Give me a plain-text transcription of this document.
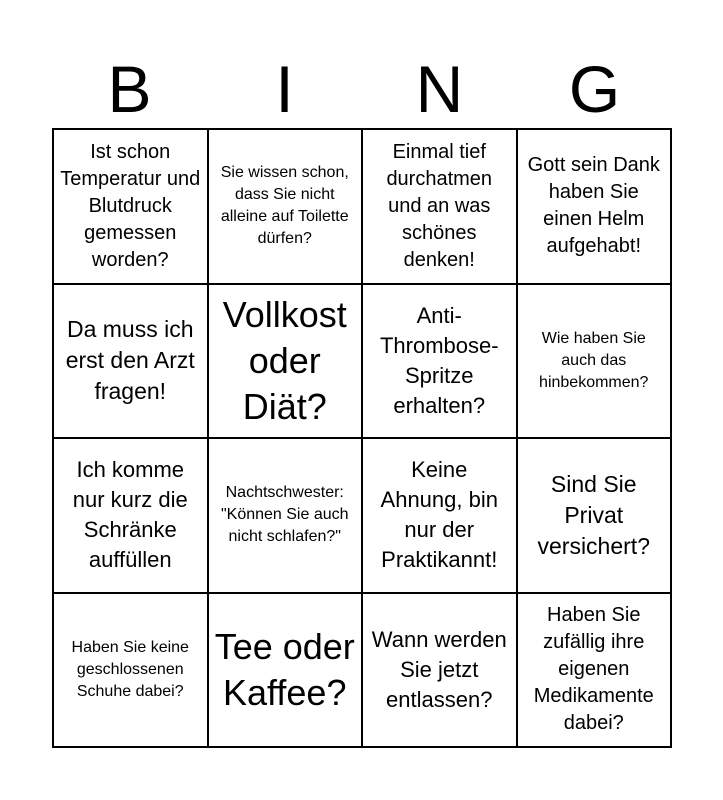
B	I	N	G
Ist schon Temperatur und Blutdruck gemessen worden?
Sie wissen schon, dass Sie nicht alleine auf Toilette dürfen?
Einmal tief durchatmen und an was schönes denken!
Gott sein Dank haben Sie einen Helm aufgehabt!
Da muss ich erst den Arzt fragen!
Vollkost oder Diät?
Anti-Thrombose-Spritze erhalten?
Wie haben Sie auch das hinbekommen?
Ich komme nur kurz die Schränke auffüllen
Nachtschwester: "Können Sie auch nicht schlafen?"
Keine Ahnung, bin nur der Praktikannt!
Sind Sie Privat versichert?
Haben Sie keine geschlossenen Schuhe dabei?
Tee oder Kaffee?
Wann werden Sie jetzt entlassen?
Haben Sie zufällig ihre eigenen Medikamente dabei?
